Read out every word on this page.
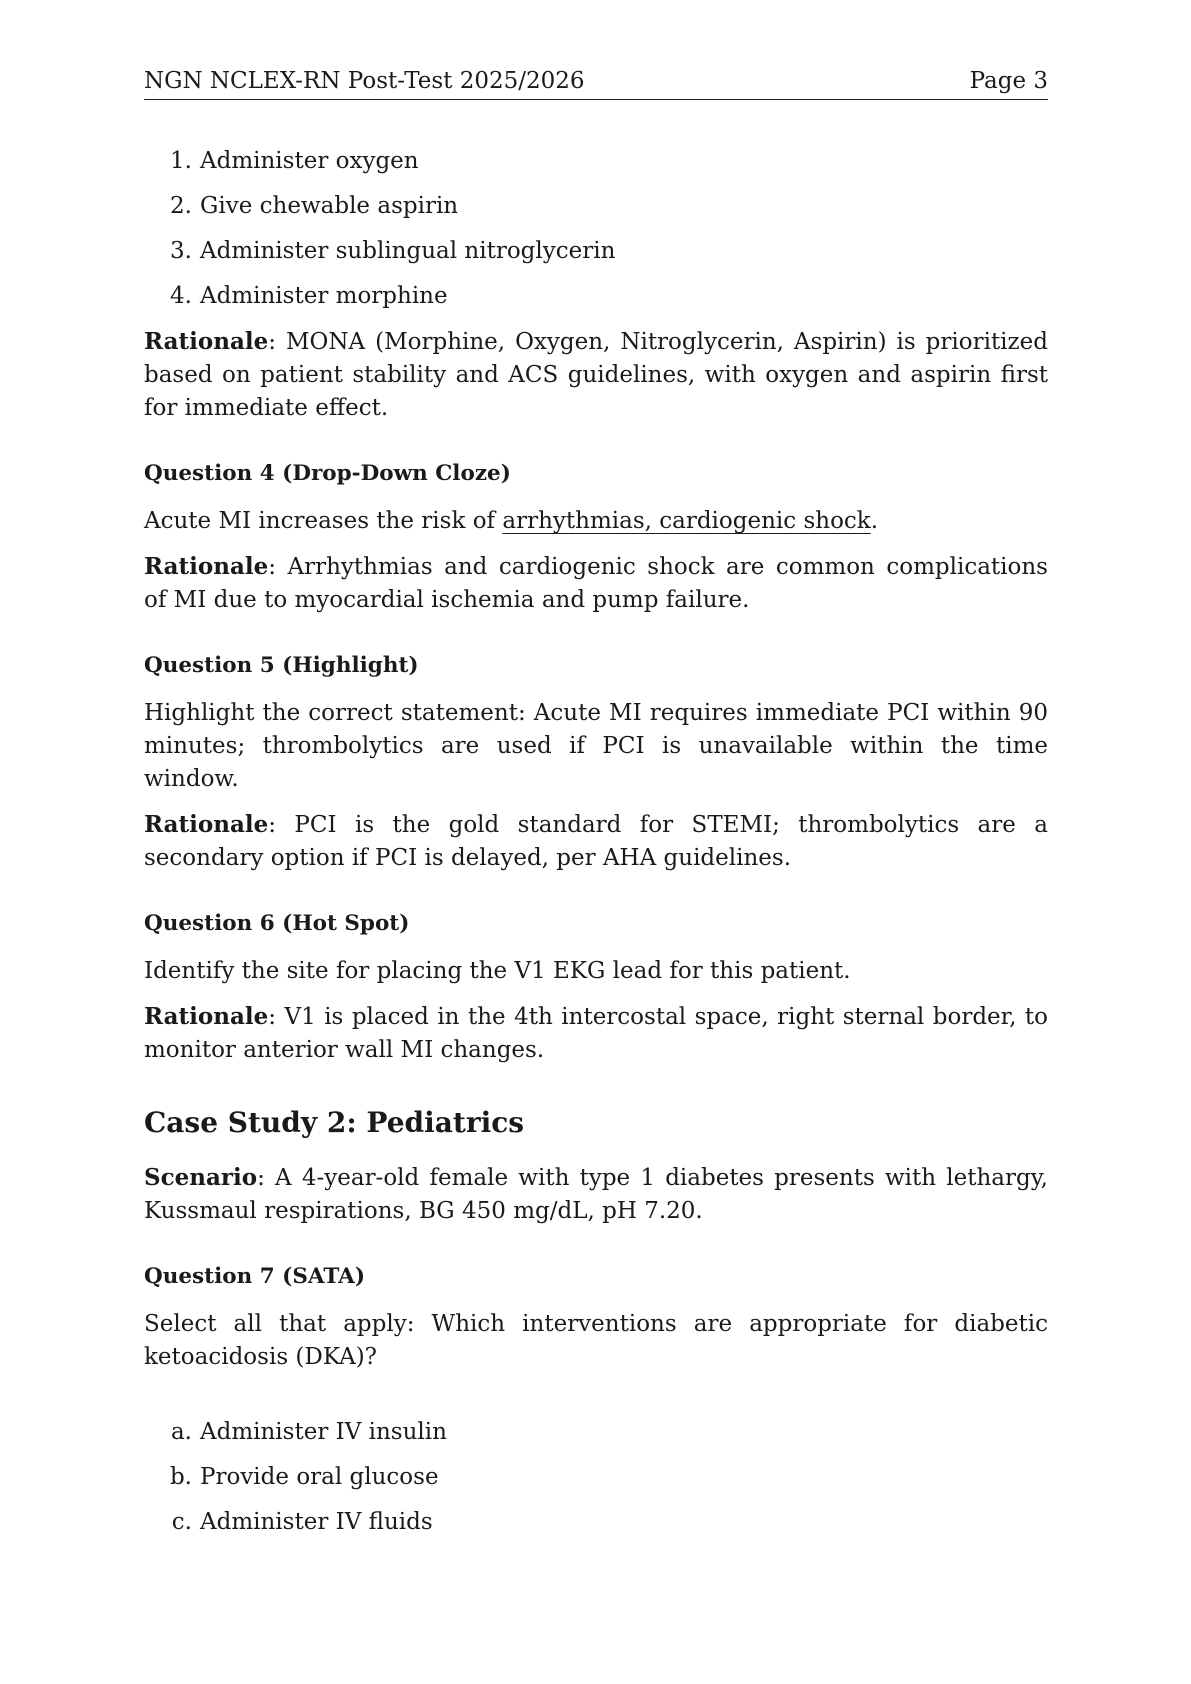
NGN NCLEX-RN Post-Test 2025/2026	Page 3
1. Administer oxygen
2. Give chewable aspirin
3. Administer sublingual nitroglycerin
4. Administer morphine

Rationale: MONA (Morphine, Oxygen, Nitroglycerin, Aspirin) is prioritized based on patient stability and ACS guidelines, with oxygen and aspirin first for immediate effect.

Question 4 (Drop-Down Cloze)

Acute MI increases the risk of arrhythmias, cardiogenic shock.

Rationale: Arrhythmias and cardiogenic shock are common complications of MI due to myocardial ischemia and pump failure.

Question 5 (Highlight)

Highlight the correct statement: Acute MI requires immediate PCI within 90 minutes; thrombolytics are used if PCI is unavailable within the time window.

Rationale: PCI is the gold standard for STEMI; thrombolytics are a secondary option if PCI is delayed, per AHA guidelines.

Question 6 (Hot Spot)

Identify the site for placing the V1 EKG lead for this patient.

Rationale: V1 is placed in the 4th intercostal space, right sternal border, to monitor anterior wall MI changes.

Case Study 2: Pediatrics

Scenario: A 4-year-old female with type 1 diabetes presents with lethargy, Kussmaul respirations, BG 450 mg/dL, pH 7.20.

Question 7 (SATA)

Select all that apply: Which interventions are appropriate for diabetic ketoacidosis (DKA)?

a. Administer IV insulin
b. Provide oral glucose
c. Administer IV fluids
